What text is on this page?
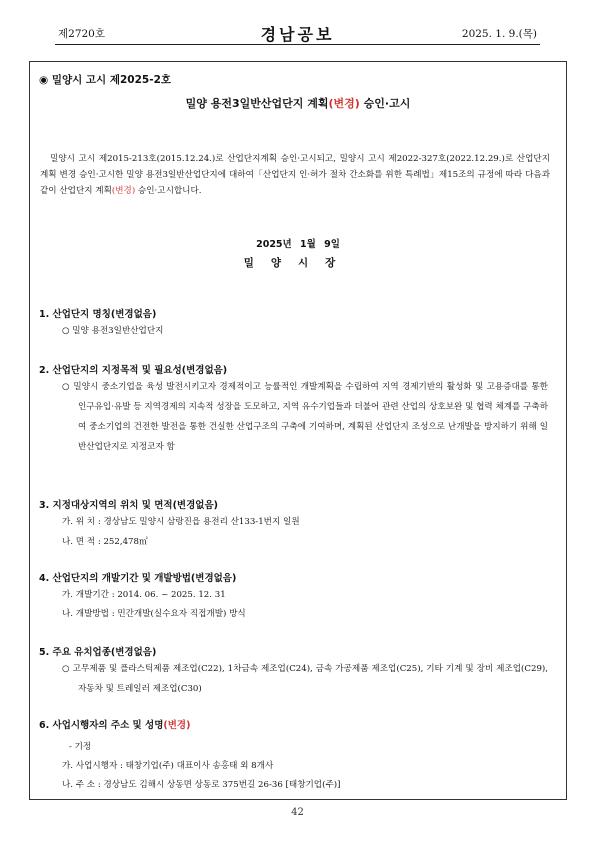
제2720호	경남공보	2025. 1. 9.(목)
◉ 밀양시 고시 제2025-2호
밀양 용전3일반산업단지 계획(변경) 승인·고시
밀양시 고시 제2015-213호(2015.12.24.)로 산업단지계획 승인·고시되고, 밀양시 고시 제2022-327호(2022.12.29.)로 산업단지계획 변경 승인·고시한 밀양 용전3일반산업단지에 대하여「산업단지 인·허가 절차 간소화를 위한 특례법」제15조의 규정에 따라 다음과 같이 산업단지 계획(변경) 승인·고시합니다.
2025년 1월 9일
밀양시장
1. 산업단지 명칭(변경없음)
○ 밀양 용전3일반산업단지
2. 산업단지의 지정목적 및 필요성(변경없음)
○ 밀양시 중소기업을 육성 발전시키고자 경제적이고 능률적인 개발계획을 수립하여 지역 경제기반의 활성화 및 고용증대를 통한 인구유입·유발 등 지역경제의 지속적 성장을 도모하고, 지역 유수기업들과 더불어 관련 산업의 상호보완 및 협력 체계를 구축하여 중소기업의 건전한 발전을 통한 건실한 산업구조의 구축에 기여하며, 계획된 산업단지 조성으로 난개발을 방지하기 위해 일반산업단지로 지정코자 함
3. 지정대상지역의 위치 및 면적(변경없음)
가. 위 치 : 경상남도 밀양시 삼랑진읍 용전리 산133-1번지 일원
나. 면 적 : 252,478㎡
4. 산업단지의 개발기간 및 개발방법(변경없음)
가. 개발기간 : 2014. 06. ~ 2025. 12. 31
나. 개발방법 : 민간개발(실수요자 직접개발) 방식
5. 주요 유치업종(변경없음)
○ 고무제품 및 플라스틱제품 제조업(C22), 1차금속 제조업(C24), 금속 가공제품 제조업(C25), 기타 기계 및 장비 제조업(C29), 자동차 및 트레일러 제조업(C30)
6. 사업시행자의 주소 및 성명(변경)
- 기정
가. 사업시행자 : 태창기업(주) 대표이사 송홍태 외 8개사
나. 주 소 : 경상남도 김해시 상동면 상동로 375번길 26-36 [태창기업(주)]
42
